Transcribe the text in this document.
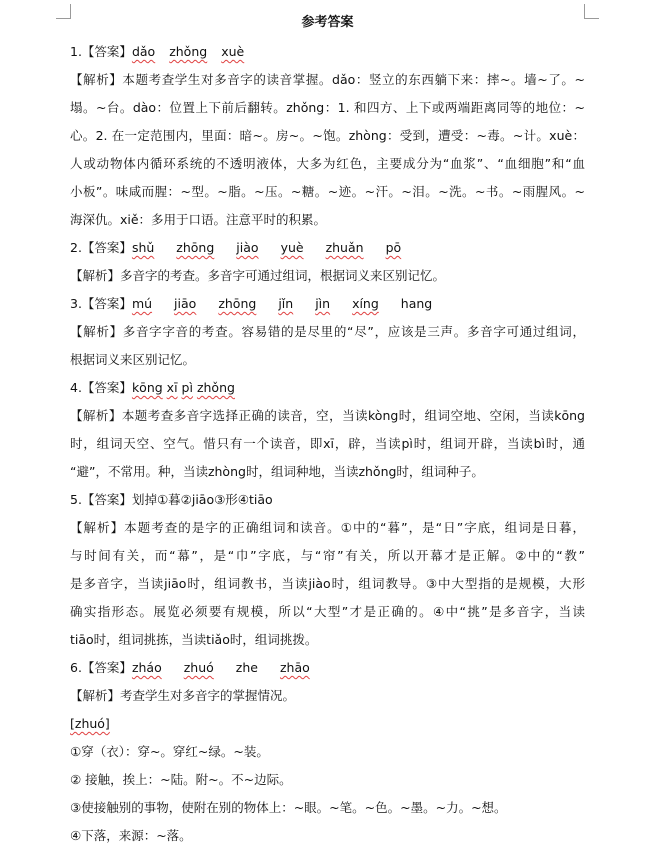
参考答案
1.【答案】dǎo zhǒng xuè
【解析】本题考查学生对多音字的读音掌握。dǎo：竖立的东西躺下来：摔~。墙~了。~
塌。~台。dào：位置上下前后翻转。zhǒng：1. 和四方、上下或两端距离同等的地位：~
心。2. 在一定范围内，里面：暗~。房~。~饱。zhòng：受到，遭受：~毒。~计。xuè：
人或动物体内循环系统的不透明液体，大多为红色，主要成分为“血浆”、“血细胞”和“血
小板”。味咸而腥：~型。~脂。~压。~糖。~迹。~汗。~泪。~洗。~书。~雨腥风。~
海深仇。xiě：多用于口语。注意平时的积累。
2.【答案】shǔ zhōng jiào yuè zhuǎn pō
【解析】多音字的考查。多音字可通过组词，根据词义来区别记忆。
3.【答案】mú jiāo zhōng jǐn jìn xíng hang
【解析】多音字字音的考查。容易错的是尽里的“尽”，应该是三声。多音字可通过组词，
根据词义来区别记忆。
4.【答案】kōng xī pì zhǒng
【解析】本题考查多音字选择正确的读音，空，当读kòng时，组词空地、空闲，当读kōng
时，组词天空、空气。惜只有一个读音，即xī，辟，当读pì时，组词开辟，当读bì时，通
“避”，不常用。种，当读zhòng时，组词种地，当读zhǒng时，组词种子。
5.【答案】划掉①暮②jiāo③形④tiāo
【解析】本题考查的是字的正确组词和读音。①中的“暮”，是“日”字底，组词是日暮，
与时间有关，而“幕”，是“巾”字底，与“帘”有关，所以开幕才是正解。②中的“教”
是多音字，当读jiāo时，组词教书，当读jiào时，组词教导。③中大型指的是规模，大形
确实指形态。展览必须要有规模，所以“大型”才是正确的。④中“挑”是多音字，当读
tiāo时，组词挑拣，当读tiǎo时，组词挑拨。
6.【答案】zháo zhuó zhe zhāo
【解析】考查学生对多音字的掌握情况。
[zhuó]
①穿（衣）：穿~。穿红~绿。~装。
② 接触，挨上：~陆。附~。不~边际。
③使接触别的事物，使附在别的物体上：~眼。~笔。~色。~墨。~力。~想。
④下落，来源：~落。
